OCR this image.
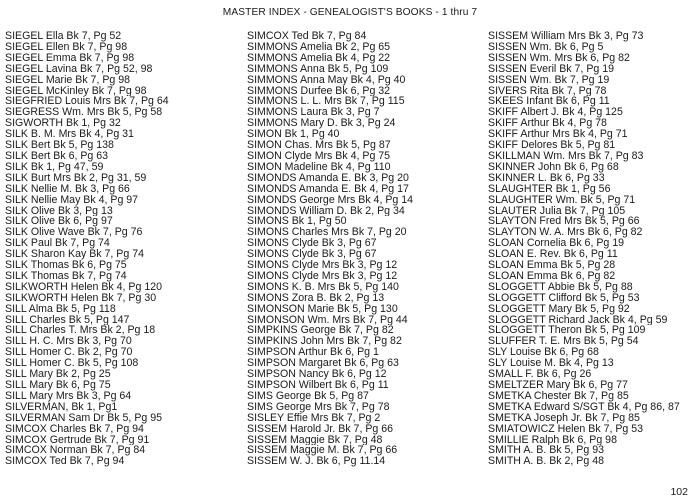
MASTER INDEX - GENEALOGIST'S BOOKS - 1 thru 7
SIEGEL Ella Bk 7, Pg 52
SIEGEL Ellen Bk 7, Pg 98
SIEGEL Emma Bk 7, Pg 98
SIEGEL Lavina Bk 7, Pg 52, 98
SIEGEL Marie Bk 7, Pg 98
SIEGEL McKinley Bk 7, Pg 98
SIEGFRIED Louis Mrs Bk 7, Pg 64
SIEGRESS Wm. Mrs Bk 5, Pg 58
SIGWORTH Bk 1, Pg 32
SILK B. M. Mrs Bk 4, Pg 31
SILK Bert Bk 5, Pg 138
SILK Bert Bk 6, Pg 63
SILK Bk 1, Pg 47, 59
SILK Burt Mrs Bk 2, Pg 31, 59
SILK Nellie M. Bk 3, Pg 66
SILK Nellie May Bk 4, Pg 97
SILK Olive Bk 3, Pg 13
SILK Olive Bk 6, Pg 97
SILK Olive Wave Bk 7, Pg 76
SILK Paul Bk 7, Pg 74
SILK Sharon Kay Bk 7, Pg 74
SILK Thomas Bk 6, Pg 75
SILK Thomas Bk 7, Pg 74
SILKWORTH Helen Bk 4, Pg 120
SILKWORTH Helen Bk 7, Pg 30
SILL Alma Bk 5, Pg 118
SILL Charles Bk 5, Pg 147
SILL Charles T. Mrs Bk 2, Pg 18
SILL H. C. Mrs Bk 3, Pg 70
SILL Homer C. Bk 2, Pg 70
SILL Homer C. Bk 5, Pg 108
SILL Mary Bk 2, Pg 25
SILL Mary Bk 6, Pg 75
SILL Mary Mrs Bk 3, Pg 64
SILVERMAN, Bk 1, Pg1
SILVERMAN Sam Dr Bk 5, Pg 95
SIMCOX Charles Bk 7, Pg 94
SIMCOX Gertrude Bk 7, Pg 91
SIMCOX Norman Bk 7, Pg 84
SIMCOX Ted Bk 7, Pg 94
SIMCOX Ted Bk 7, Pg 84
SIMMONS Amelia Bk 2, Pg 65
SIMMONS Amelia Bk 4, Pg 22
SIMMONS Anna Bk 5, Pg 109
SIMMONS Anna May Bk 4, Pg 40
SIMMONS Durfee Bk 6, Pg 32
SIMMONS L. L. Mrs Bk 7, Pg 115
SIMMONS Laura Bk 3, Pg 7
SIMMONS Mary D. Bk 3, Pg 24
SIMON Bk 1, Pg 40
SIMON Chas. Mrs Bk 5, Pg 87
SIMON Clyde Mrs Bk 4, Pg 75
SIMON Madeline Bk 4, Pg 110
SIMONDS Amanda E. Bk 3, Pg 20
SIMONDS Amanda E. Bk 4, Pg 17
SIMONDS George Mrs Bk 4, Pg 14
SIMONDS William D. Bk 2, Pg 34
SIMONS Bk 1, Pg 50
SIMONS Charles Mrs Bk 7, Pg 20
SIMONS Clyde Bk 3, Pg 67
SIMONS Clyde Bk 3, Pg 67
SIMONS Clyde Mrs Bk 3, Pg 12
SIMONS Clyde Mrs Bk 3, Pg 12
SIMONS K. B. Mrs Bk 5, Pg 140
SIMONS Zora B. Bk 2, Pg 13
SIMONSON Marie Bk 5, Pg 130
SIMONSON Wm. Mrs Bk 7, Pg 44
SIMPKINS George Bk 7, Pg 82
SIMPKINS John Mrs Bk 7, Pg 82
SIMPSON Arthur Bk 6, Pg 1
SIMPSON Margaret Bk 6, Pg 63
SIMPSON Nancy Bk 6, Pg 12
SIMPSON Wilbert Bk 6, Pg 11
SIMS George Bk 5, Pg 87
SIMS George Mrs Bk 7, Pg 78
SISLEY Effie Mrs Bk 7, Pg 2
SISSEM Harold Jr. Bk 7, Pg 66
SISSEM Maggie Bk 7, Pg 48
SISSEM Maggie M. Bk 7, Pg 66
SISSEM W. J. Bk 6, Pg 11.14
SISSEM William Mrs Bk 3, Pg 73
SISSEN Wm. Bk 6, Pg 5
SISSEN Wm. Mrs Bk 6, Pg 82
SISSEN Everil Bk 7, Pg 19
SISSEN Wm. Bk 7, Pg 19
SIVERS Rita Bk 7, Pg 78
SKEES Infant Bk 6, Pg 11
SKIFF Albert J. Bk 4, Pg 125
SKIFF Arthur Bk 4, Pg 78
SKIFF Arthur Mrs Bk 4, Pg 71
SKIFF Delores Bk 5, Pg 81
SKILLMAN Wm. Mrs Bk 7, Pg 83
SKINNER John Bk 6, Pg 68
SKINNER L. Bk 6, Pg 33
SLAUGHTER Bk 1, Pg 56
SLAUGHTER Wm. Bk 5, Pg 71
SLAUTER Julia Bk 7, Pg 105
SLAYTON Fred Mrs Bk 5, Pg 66
SLAYTON W. A. Mrs Bk 6, Pg 82
SLOAN Cornelia Bk 6, Pg 19
SLOAN E. Rev. Bk 6, Pg 11
SLOAN Emma Bk 5, Pg 28
SLOAN Emma Bk 6, Pg 82
SLOGGETT Abbie Bk 5, Pg 88
SLOGGETT Clifford Bk 5, Pg 53
SLOGGETT Mary Bk 5, Pg 92
SLOGGETT Richard Jack Bk 4, Pg 59
SLOGGETT Theron Bk 5, Pg 109
SLUFFER T. E. Mrs Bk 5, Pg 54
SLY Louise Bk 6, Pg 68
SLY Louise M. Bk 4, Pg 13
SMALL F. Bk 6, Pg 26
SMELTZER Mary Bk 6, Pg 77
SMETKA Chester Bk 7, Pg 85
SMETKA Edward S/SGT Bk 4, Pg 86, 87
SMETKA Joseph Jr. Bk 7, Pg 85
SMIATOWICZ Helen Bk 7, Pg 53
SMILLIE Ralph Bk 6, Pg 98
SMITH A. B. Bk 5, Pg 93
SMITH A. B. Bk 2, Pg 48
102
